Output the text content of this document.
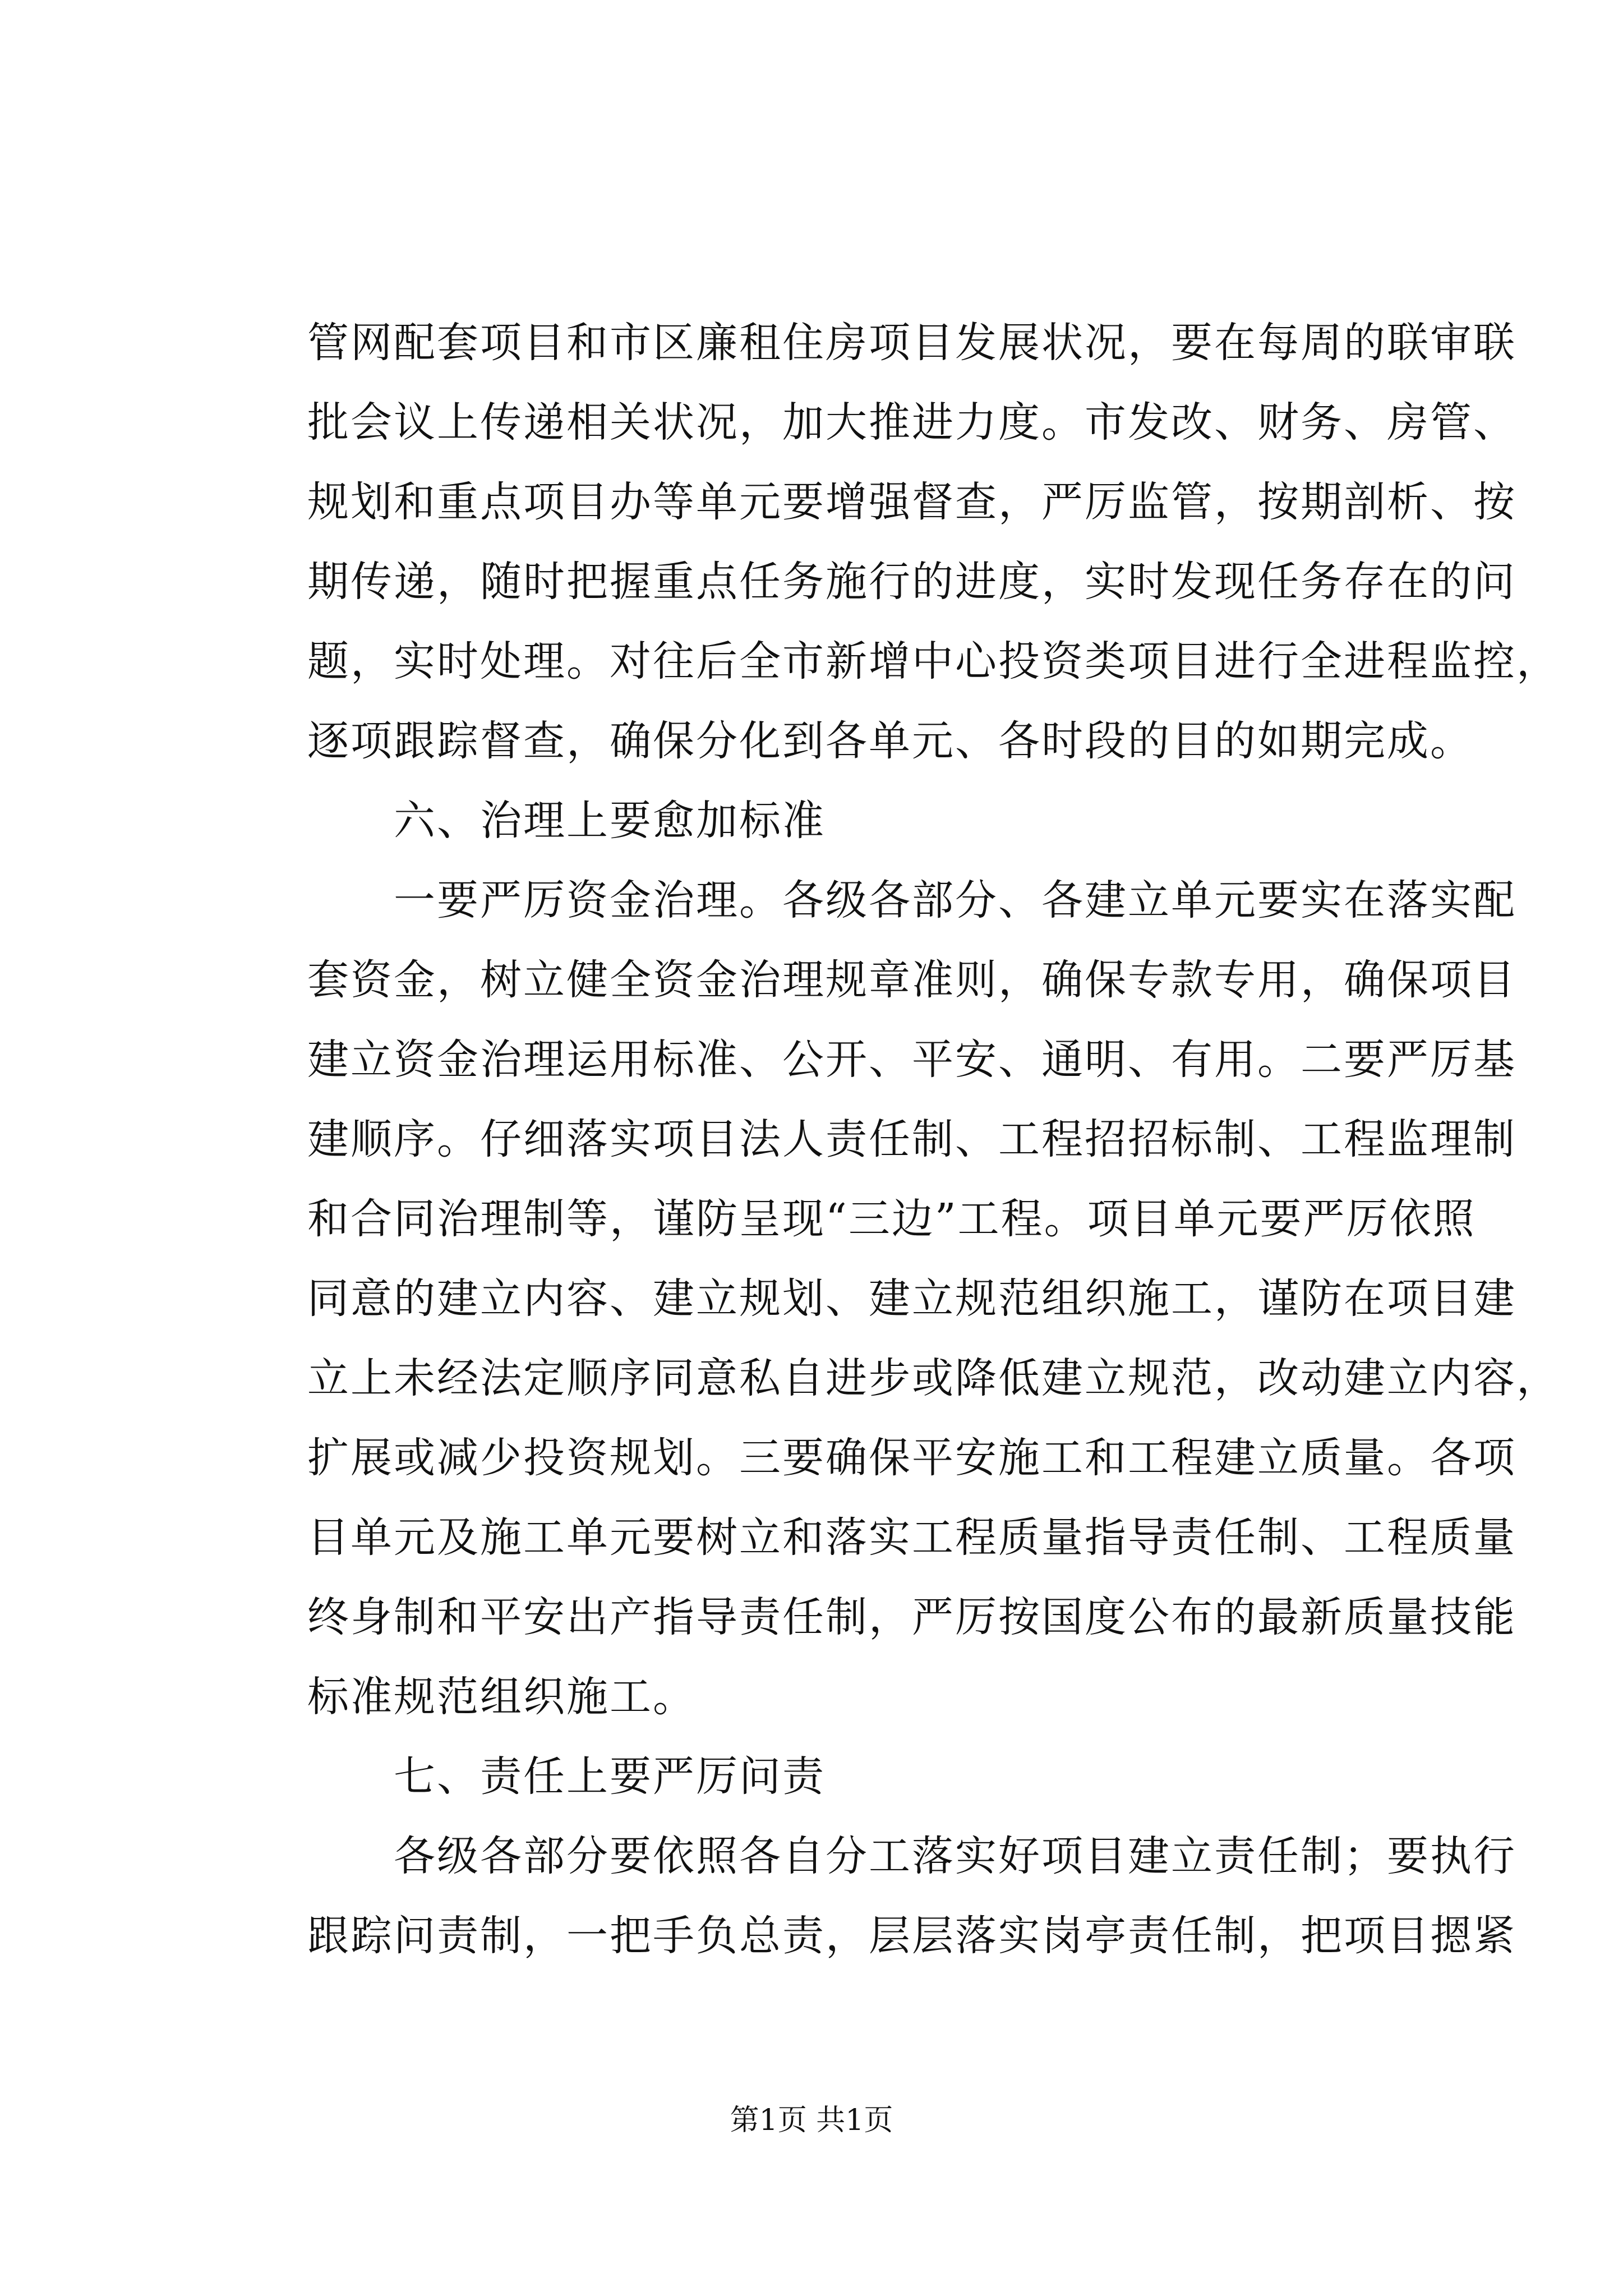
管网配套项目和市区廉租住房项目发展状况，要在每周的联审联
批会议上传递相关状况，加大推进力度。市发改、财务、房管、
规划和重点项目办等单元要增强督查，严厉监管，按期剖析、按
期传递，随时把握重点任务施行的进度，实时发现任务存在的问
题，实时处理。对往后全市新增中心投资类项目进行全进程监控，
逐项跟踪督查，确保分化到各单元、各时段的目的如期完成。
　　六、治理上要愈加标准
　　一要严厉资金治理。各级各部分、各建立单元要实在落实配
套资金，树立健全资金治理规章准则，确保专款专用，确保项目
建立资金治理运用标准、公开、平安、通明、有用。二要严厉基
建顺序。仔细落实项目法人责任制、工程招招标制、工程监理制
和合同治理制等，谨防呈现“三边”工程。项目单元要严厉依照
同意的建立内容、建立规划、建立规范组织施工，谨防在项目建
立上未经法定顺序同意私自进步或降低建立规范，改动建立内容，
扩展或减少投资规划。三要确保平安施工和工程建立质量。各项
目单元及施工单元要树立和落实工程质量指导责任制、工程质量
终身制和平安出产指导责任制，严厉按国度公布的最新质量技能
标准规范组织施工。
　　七、责任上要严厉问责
　　各级各部分要依照各自分工落实好项目建立责任制；要执行
跟踪问责制，一把手负总责，层层落实岗亭责任制，把项目摁紧
第1页 共1页
